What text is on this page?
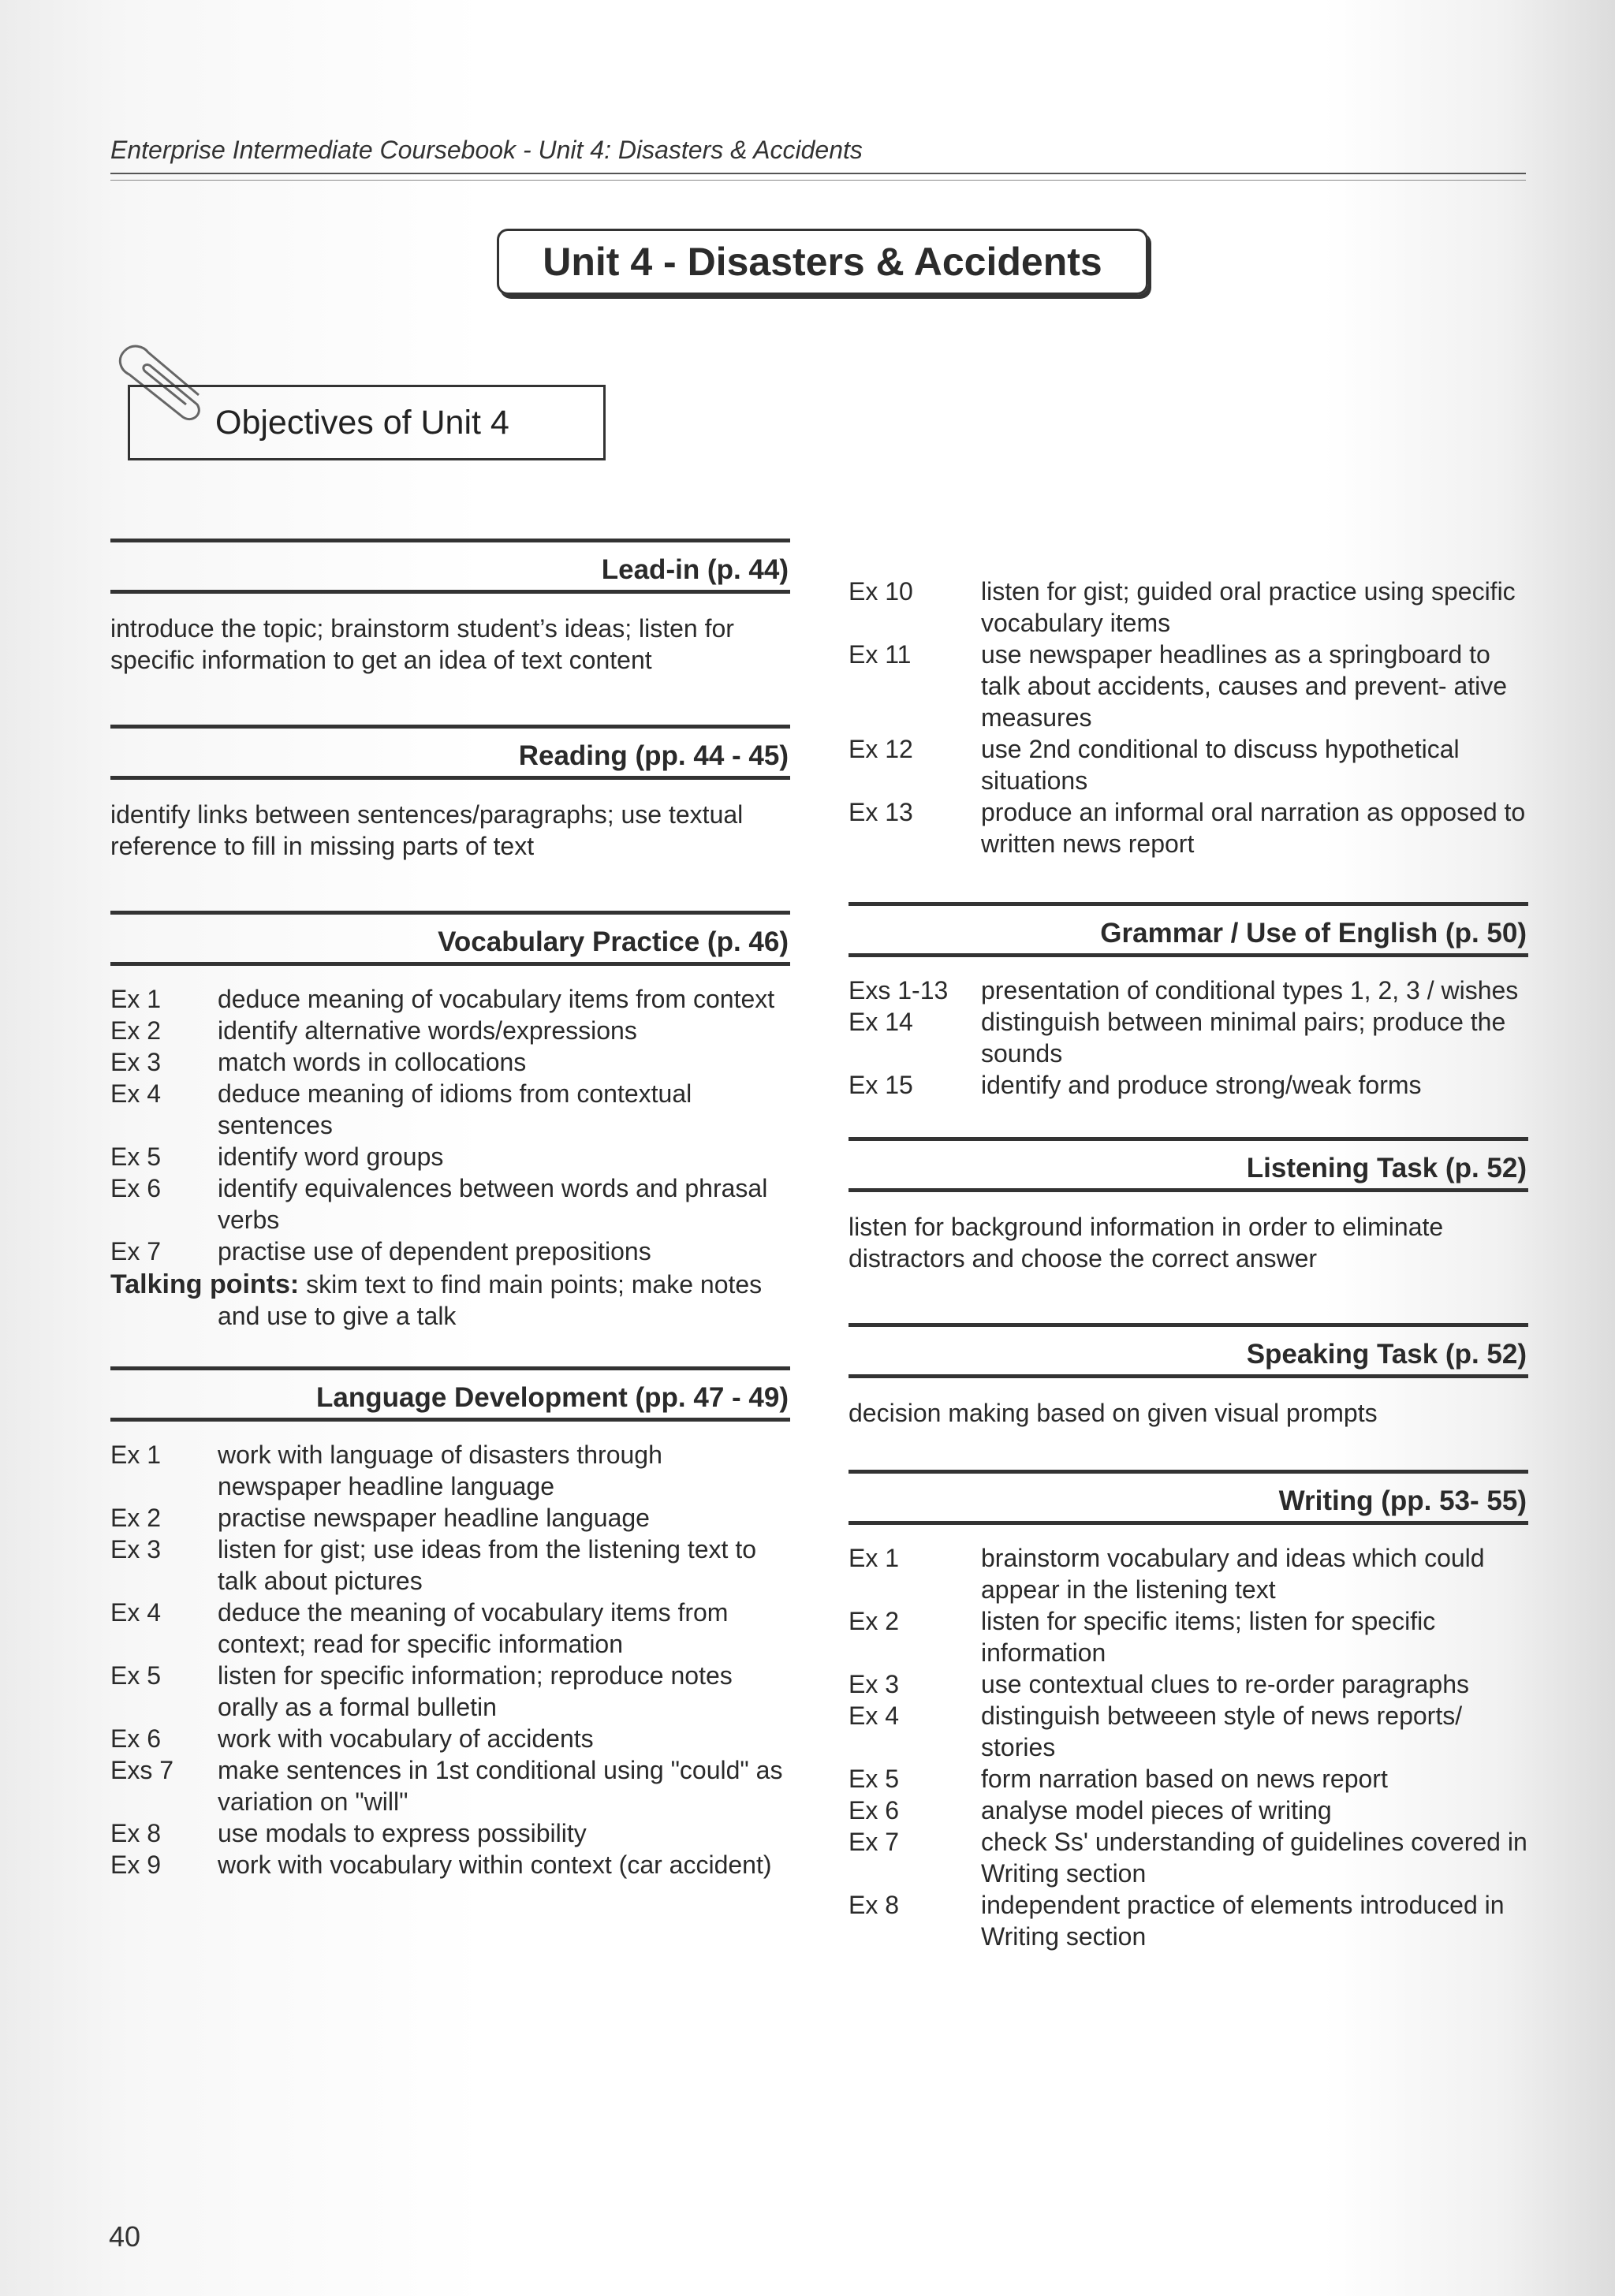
Enterprise Intermediate Coursebook - Unit 4: Disasters & Accidents
Unit 4 - Disasters & Accidents
Objectives of Unit 4
Lead-in (p. 44)
introduce the topic; brainstorm student’s ideas; listen for specific information to get an idea of text content
Reading (pp. 44 - 45)
identify links between sentences/paragraphs; use textual reference to fill in missing parts of text
Vocabulary Practice (p. 46)
Ex 1	deduce meaning of vocabulary items from context
Ex 2	identify alternative words/expressions
Ex 3	match words in collocations
Ex 4	deduce meaning of idioms from contextual sentences
Ex 5	identify word groups
Ex 6	identify equivalences between words and phrasal verbs
Ex 7	practise use of dependent prepositions
Talking points: skim text to find main points; make notes and use to give a talk
Language Development (pp. 47 - 49)
Ex 1	work with language of disasters through newspaper headline language
Ex 2	practise newspaper headline language
Ex 3	listen for gist; use ideas from the listening text to talk about pictures
Ex 4	deduce the meaning of vocabulary items from context; read for specific information
Ex 5	listen for specific information; reproduce notes orally as a formal bulletin
Ex 6	work with vocabulary of accidents
Exs 7	make sentences in 1st conditional using "could" as variation on "will"
Ex 8	use modals to express possibility
Ex 9	work with vocabulary within context (car accident)
Ex 10	listen for gist; guided oral practice using specific vocabulary items
Ex 11	use newspaper headlines as a springboard to talk about accidents, causes and prevent- ative measures
Ex 12	use 2nd conditional to discuss hypothetical situations
Ex 13	produce an informal oral narration as opposed to written news report
Grammar / Use of English (p. 50)
Exs 1-13	presentation of conditional types 1, 2, 3 / wishes
Ex 14	distinguish between minimal pairs; produce the sounds
Ex 15	identify and produce strong/weak forms
Listening Task (p. 52)
listen for background information in order to eliminate distractors and choose the correct answer
Speaking Task (p. 52)
decision making based on given visual prompts
Writing (pp. 53- 55)
Ex 1	brainstorm vocabulary and ideas which could appear in the listening text
Ex 2	listen for specific items; listen for specific information
Ex 3	use contextual clues to re-order paragraphs
Ex 4	distinguish betweeen style of news reports/ stories
Ex 5	form narration based on news report
Ex 6	analyse model pieces of writing
Ex 7	check Ss' understanding of guidelines covered in Writing section
Ex 8	independent practice of elements introduced in Writing section
40
